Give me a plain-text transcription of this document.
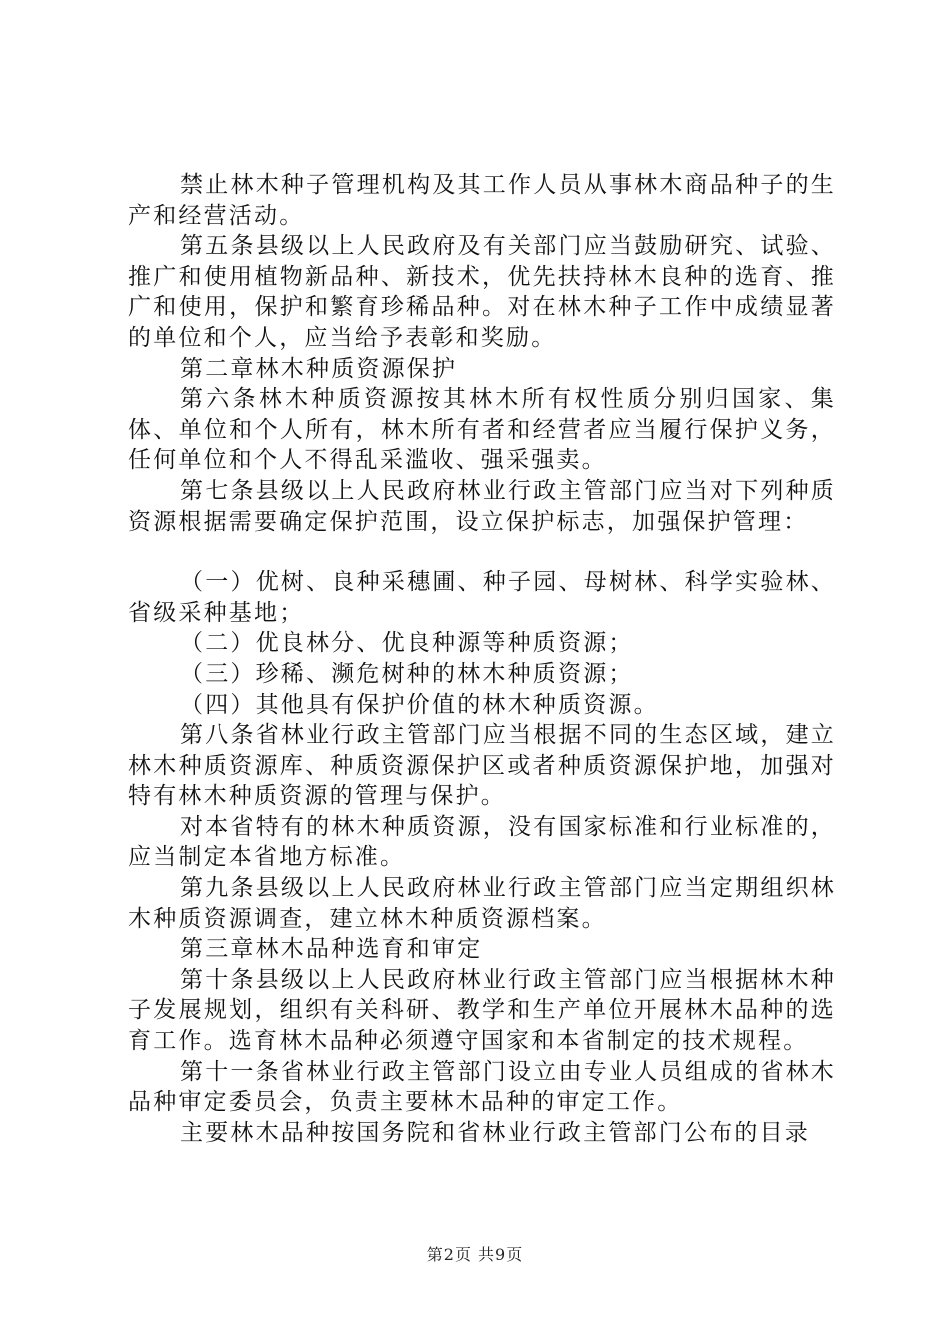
禁止林木种子管理机构及其工作人员从事林木商品种子的生产和经营活动。

第五条县级以上人民政府及有关部门应当鼓励研究、试验、推广和使用植物新品种、新技术，优先扶持林木良种的选育、推广和使用，保护和繁育珍稀品种。对在林木种子工作中成绩显著的单位和个人，应当给予表彰和奖励。

第二章林木种质资源保护

第六条林木种质资源按其林木所有权性质分别归国家、集体、单位和个人所有，林木所有者和经营者应当履行保护义务，任何单位和个人不得乱采滥收、强采强卖。

第七条县级以上人民政府林业行政主管部门应当对下列种质资源根据需要确定保护范围，设立保护标志，加强保护管理：

（一）优树、良种采穗圃、种子园、母树林、科学实验林、省级采种基地；

（二）优良林分、优良种源等种质资源；

（三）珍稀、濒危树种的林木种质资源；

（四）其他具有保护价值的林木种质资源。

第八条省林业行政主管部门应当根据不同的生态区域，建立林木种质资源库、种质资源保护区或者种质资源保护地，加强对特有林木种质资源的管理与保护。

对本省特有的林木种质资源，没有国家标准和行业标准的，应当制定本省地方标准。

第九条县级以上人民政府林业行政主管部门应当定期组织林木种质资源调查，建立林木种质资源档案。

第三章林木品种选育和审定

第十条县级以上人民政府林业行政主管部门应当根据林木种子发展规划，组织有关科研、教学和生产单位开展林木品种的选育工作。选育林木品种必须遵守国家和本省制定的技术规程。

第十一条省林业行政主管部门设立由专业人员组成的省林木品种审定委员会，负责主要林木品种的审定工作。

主要林木品种按国务院和省林业行政主管部门公布的目录

第2页 共9页
